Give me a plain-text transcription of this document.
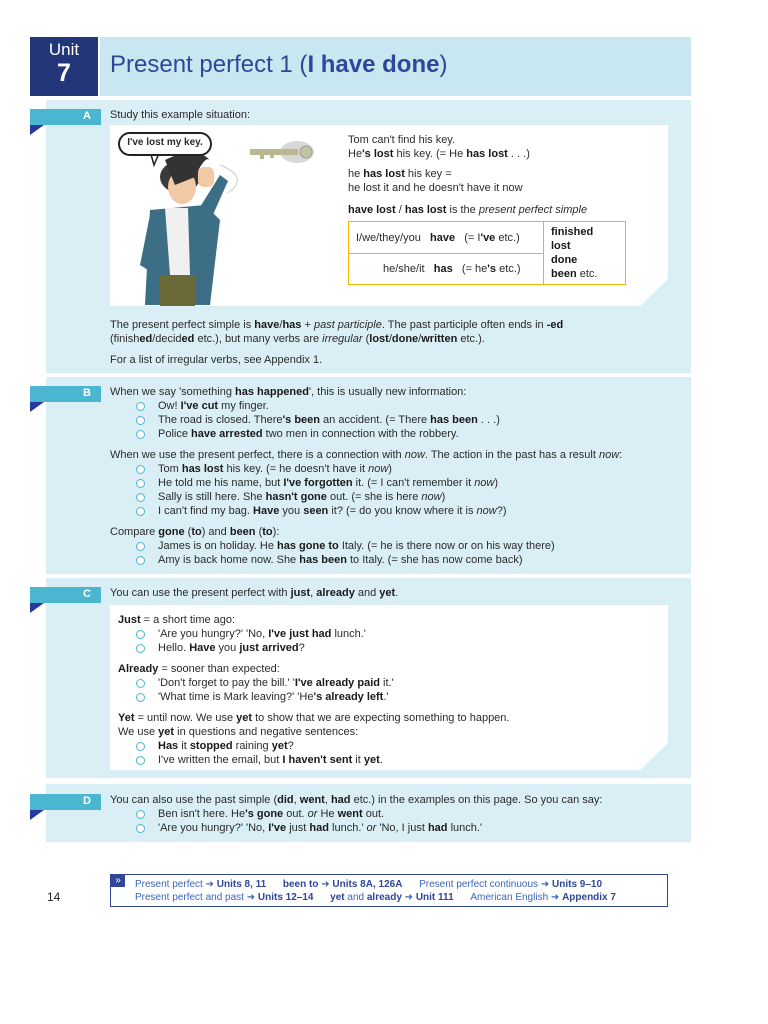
Unit
7	Present perfect 1 (I have done)
A Study this example situation:
I've lost my key.	Tom can't find his key.
He's lost his key. (= He has lost . . .)
he has lost his key =
he lost it and he doesn't have it now
have lost / has lost is the present perfect simple
I/we/they/you have (= I've etc.)
he/she/it has (= he's etc.)
finished
lost
done
been etc.
The present perfect simple is have/has + past participle. The past participle often ends in -ed
(finished/decided etc.), but many verbs are irregular (lost/done/written etc.).
For a list of irregular verbs, see Appendix 1.
B When we say 'something has happened', this is usually new information:
Ow! I've cut my finger.
The road is closed. There's been an accident. (= There has been . . .)
Police have arrested two men in connection with the robbery.
When we use the present perfect, there is a connection with now. The action in the past has a result now:
Tom has lost his key. (= he doesn't have it now)
He told me his name, but I've forgotten it. (= I can't remember it now)
Sally is still here. She hasn't gone out. (= she is here now)
I can't find my bag. Have you seen it? (= do you know where it is now?)
Compare gone (to) and been (to):
James is on holiday. He has gone to Italy. (= he is there now or on his way there)
Amy is back home now. She has been to Italy. (= she has now come back)
C You can use the present perfect with just, already and yet.
Just = a short time ago:
'Are you hungry?' 'No, I've just had lunch.'
Hello. Have you just arrived?
Already = sooner than expected:
'Don't forget to pay the bill.' 'I've already paid it.'
'What time is Mark leaving?' 'He's already left.'
Yet = until now. We use yet to show that we are expecting something to happen.
We use yet in questions and negative sentences:
Has it stopped raining yet?
I've written the email, but I haven't sent it yet.
D You can also use the past simple (did, went, had etc.) in the examples on this page. So you can say:
Ben isn't here. He's gone out. or He went out.
'Are you hungry?' 'No, I've just had lunch.' or 'No, I just had lunch.'
»	Present perfect ➜ Units 8, 11 been to ➜ Units 8A, 126A Present perfect continuous ➜ Units 9–10
Present perfect and past ➜ Units 12–14 yet and already ➜ Unit 111 American English ➜ Appendix 7
14
